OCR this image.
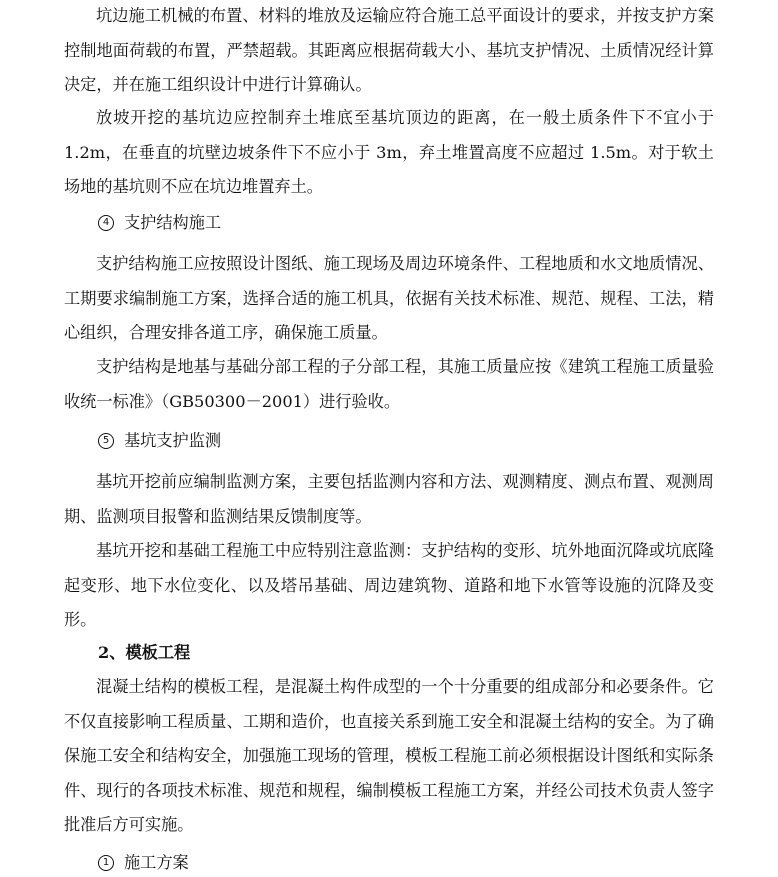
坑边施工机械的布置、材料的堆放及运输应符合施工总平面设计的要求，并按支护方案控制地面荷载的布置，严禁超载。其距离应根据荷载大小、基坑支护情况、土质情况经计算决定，并在施工组织设计中进行计算确认。

放坡开挖的基坑边应控制弃土堆底至基坑顶边的距离，在一般土质条件下不宜小于 1.2m，在垂直的坑壁边坡条件下不应小于 3m，弃土堆置高度不应超过 1.5m。对于软土场地的基坑则不应在坑边堆置弃土。

4 支护结构施工

支护结构施工应按照设计图纸、施工现场及周边环境条件、工程地质和水文地质情况、工期要求编制施工方案，选择合适的施工机具，依据有关技术标准、规范、规程、工法，精心组织，合理安排各道工序，确保施工质量。

支护结构是地基与基础分部工程的子分部工程，其施工质量应按《建筑工程施工质量验收统一标准》（GB50300－2001）进行验收。

5 基坑支护监测

基坑开挖前应编制监测方案，主要包括监测内容和方法、观测精度、测点布置、观测周期、监测项目报警和监测结果反馈制度等。

基坑开挖和基础工程施工中应特别注意监测：支护结构的变形、坑外地面沉降或坑底隆起变形、地下水位变化、以及塔吊基础、周边建筑物、道路和地下水管等设施的沉降及变形。

2、模板工程

混凝土结构的模板工程，是混凝土构件成型的一个十分重要的组成部分和必要条件。它不仅直接影响工程质量、工期和造价，也直接关系到施工安全和混凝土结构的安全。为了确保施工安全和结构安全，加强施工现场的管理，模板工程施工前必须根据设计图纸和实际条件、现行的各项技术标准、规范和规程，编制模板工程施工方案，并经公司技术负责人签字批准后方可实施。

1 施工方案
